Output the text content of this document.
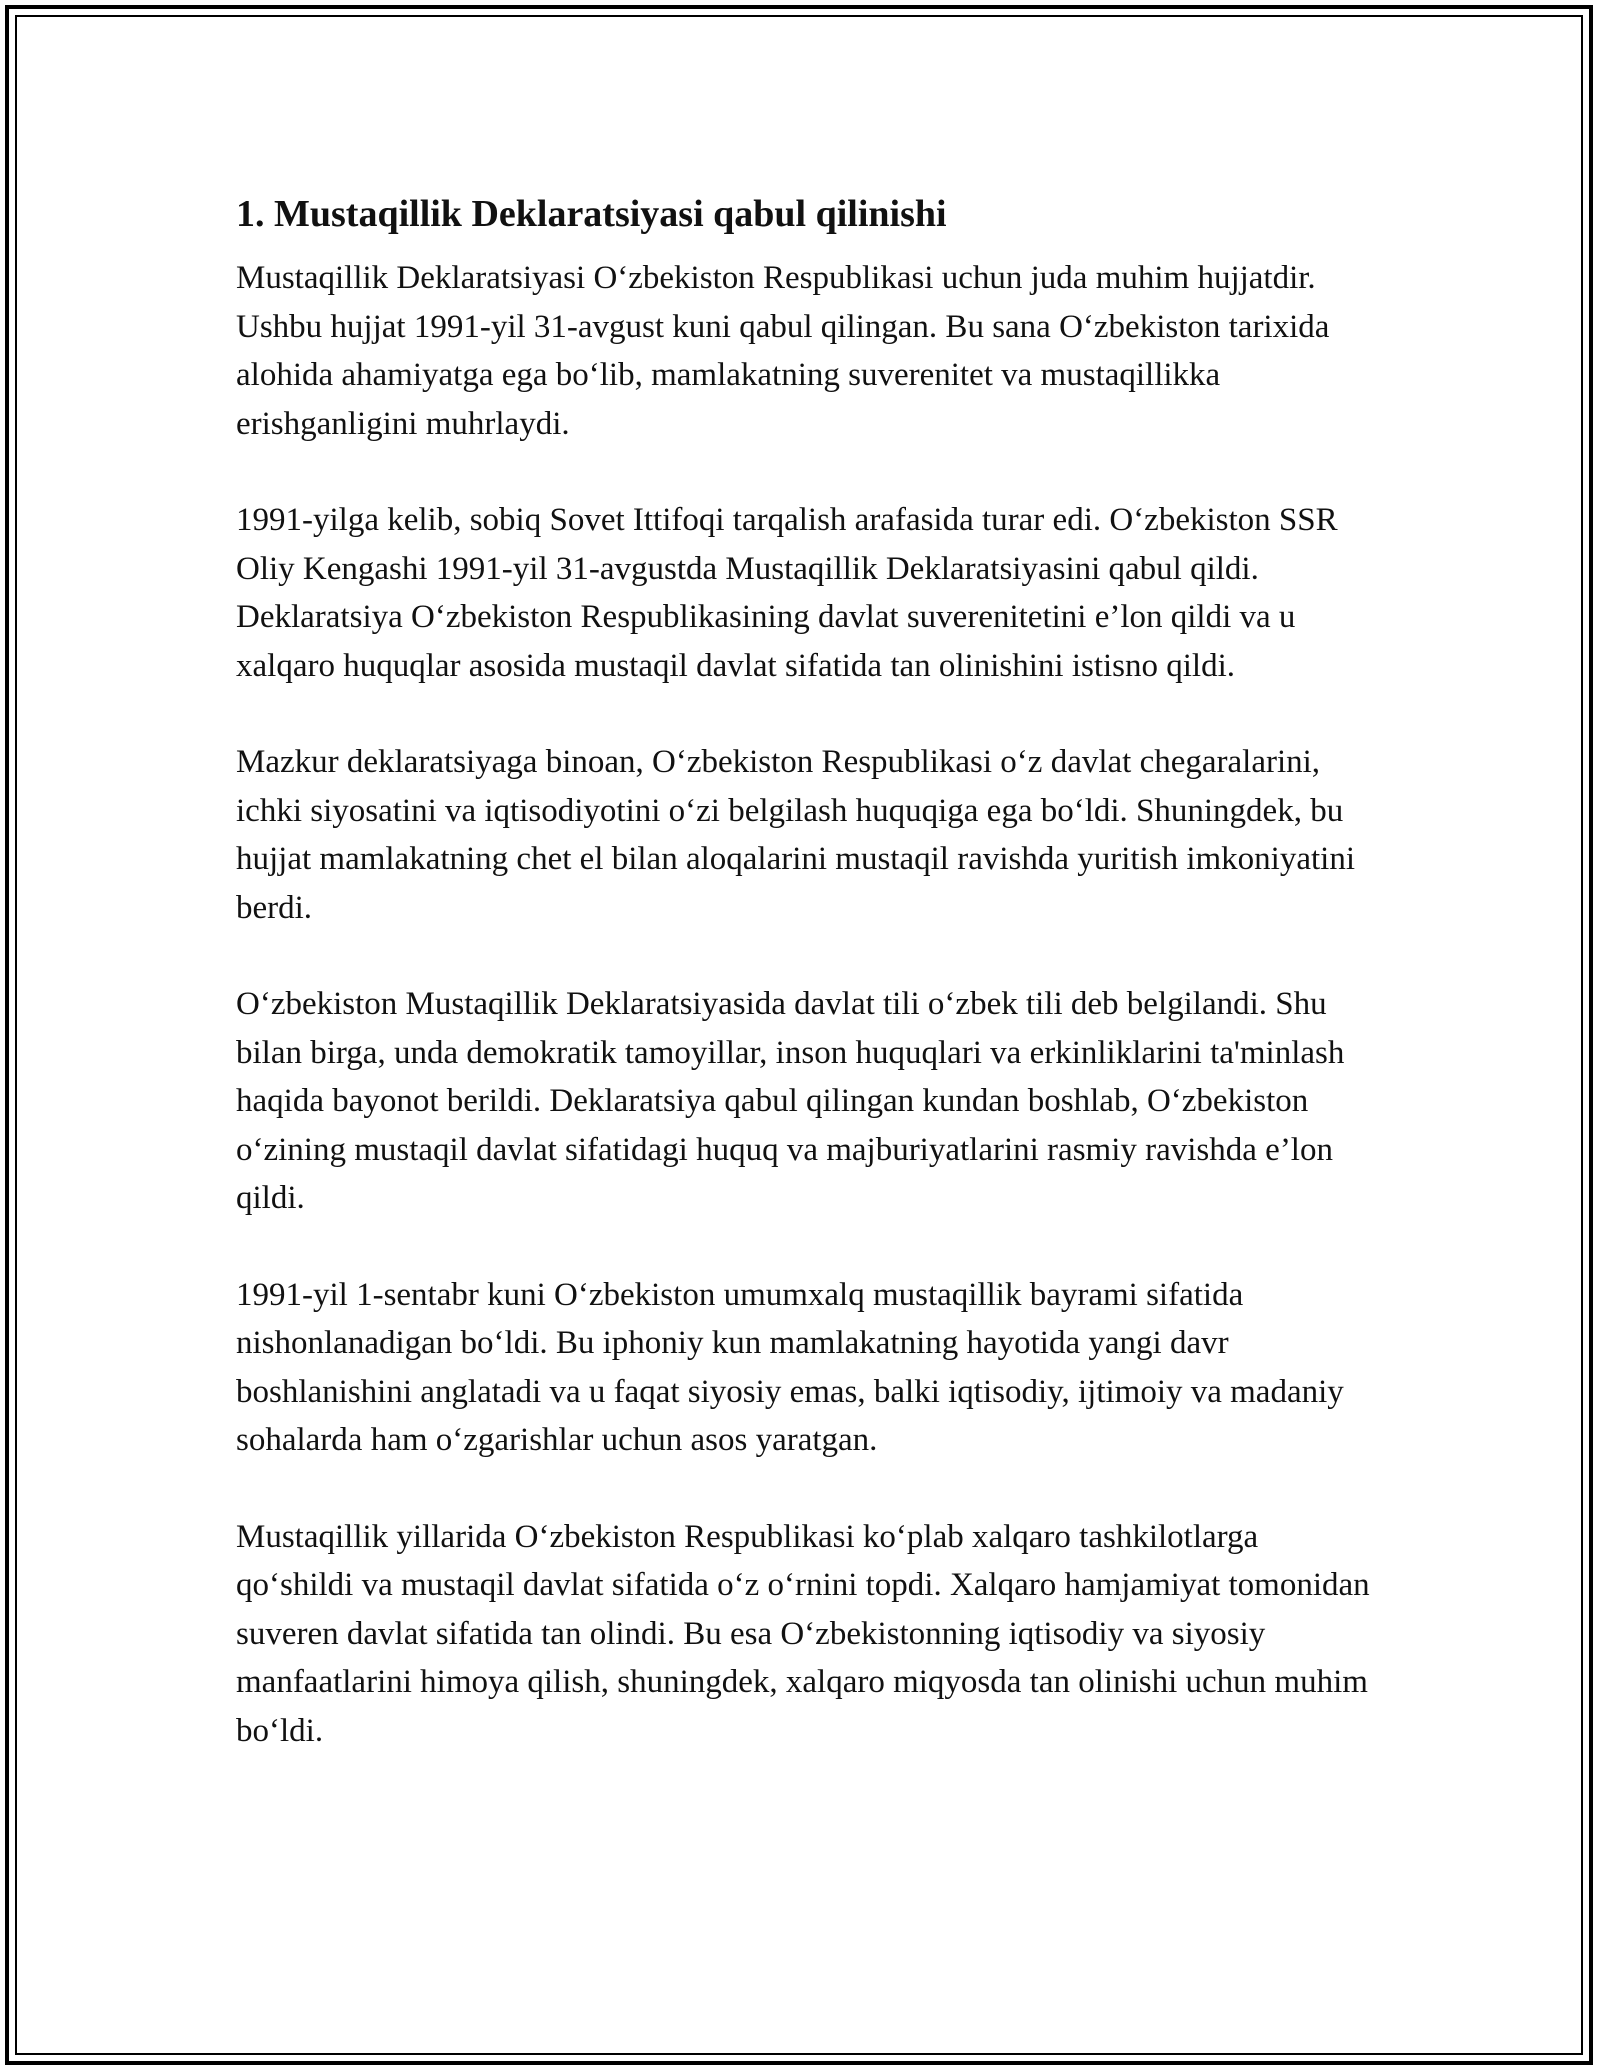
1. Mustaqillik Deklaratsiyasi qabul qilinishi

Mustaqillik Deklaratsiyasi O‘zbekiston Respublikasi uchun juda muhim hujjatdir. Ushbu hujjat 1991-yil 31-avgust kuni qabul qilingan. Bu sana O‘zbekiston tarixida alohida ahamiyatga ega bo‘lib, mamlakatning suverenitet va mustaqillikka erishganligini muhrlaydi.

1991-yilga kelib, sobiq Sovet Ittifoqi tarqalish arafasida turar edi. O‘zbekiston SSR Oliy Kengashi 1991-yil 31-avgustda Mustaqillik Deklaratsiyasini qabul qildi. Deklaratsiya O‘zbekiston Respublikasining davlat suverenitetini e’lon qildi va u xalqaro huquqlar asosida mustaqil davlat sifatida tan olinishini istisno qildi.

Mazkur deklaratsiyaga binoan, O‘zbekiston Respublikasi o‘z davlat chegaralarini, ichki siyosatini va iqtisodiyotini o‘zi belgilash huquqiga ega bo‘ldi. Shuningdek, bu hujjat mamlakatning chet el bilan aloqalarini mustaqil ravishda yuritish imkoniyatini berdi.

O‘zbekiston Mustaqillik Deklaratsiyasida davlat tili o‘zbek tili deb belgilandi. Shu bilan birga, unda demokratik tamoyillar, inson huquqlari va erkinliklarini ta'minlash haqida bayonot berildi. Deklaratsiya qabul qilingan kundan boshlab, O‘zbekiston o‘zining mustaqil davlat sifatidagi huquq va majburiyatlarini rasmiy ravishda e’lon qildi.

1991-yil 1-sentabr kuni O‘zbekiston umumxalq mustaqillik bayrami sifatida nishonlanadigan bo‘ldi. Bu iphoniy kun mamlakatning hayotida yangi davr boshlanishini anglatadi va u faqat siyosiy emas, balki iqtisodiy, ijtimoiy va madaniy sohalarda ham o‘zgarishlar uchun asos yaratgan.

Mustaqillik yillarida O‘zbekiston Respublikasi ko‘plab xalqaro tashkilotlarga qo‘shildi va mustaqil davlat sifatida o‘z o‘rnini topdi. Xalqaro hamjamiyat tomonidan suveren davlat sifatida tan olindi. Bu esa O‘zbekistonning iqtisodiy va siyosiy manfaatlarini himoya qilish, shuningdek, xalqaro miqyosda tan olinishi uchun muhim bo‘ldi.
